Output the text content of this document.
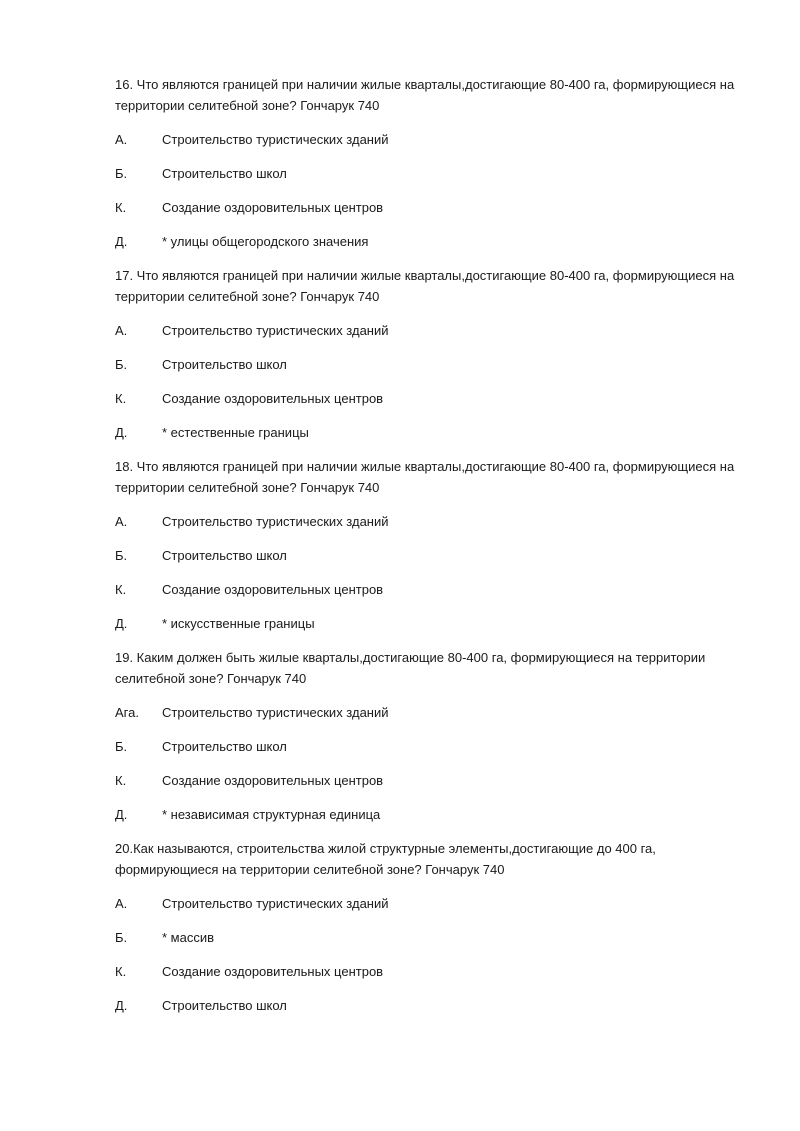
16. Что являются границей при наличии жилые кварталы,достигающие 80-400 га, формирующиеся на территории селитебной зоне? Гончарук 740
А.	Строительство туристических зданий
Б.	Строительство школ
К.	Создание оздоровительных центров
Д.	* улицы общегородского значения
17. Что являются границей при наличии жилые кварталы,достигающие 80-400 га, формирующиеся на территории селитебной зоне? Гончарук 740
А.	Строительство туристических зданий
Б.	Строительство школ
К.	Создание оздоровительных центров
Д.	* естественные границы
18. Что являются границей при наличии жилые кварталы,достигающие 80-400 га, формирующиеся на территории селитебной зоне? Гончарук 740
А.	Строительство туристических зданий
Б.	Строительство школ
К.	Создание оздоровительных центров
Д.	* искусственные границы
19. Каким должен быть жилые кварталы,достигающие 80-400 га, формирующиеся на территории селитебной зоне? Гончарук 740
Ага.	Строительство туристических зданий
Б.	Строительство школ
К.	Создание оздоровительных центров
Д.	* независимая структурная единица
20.Как называются, строительства жилой структурные элементы,достигающие до 400 га, формирующиеся на территории селитебной зоне? Гончарук 740
А.	Строительство туристических зданий
Б.	* массив
К.	Создание оздоровительных центров
Д.	Строительство школ
